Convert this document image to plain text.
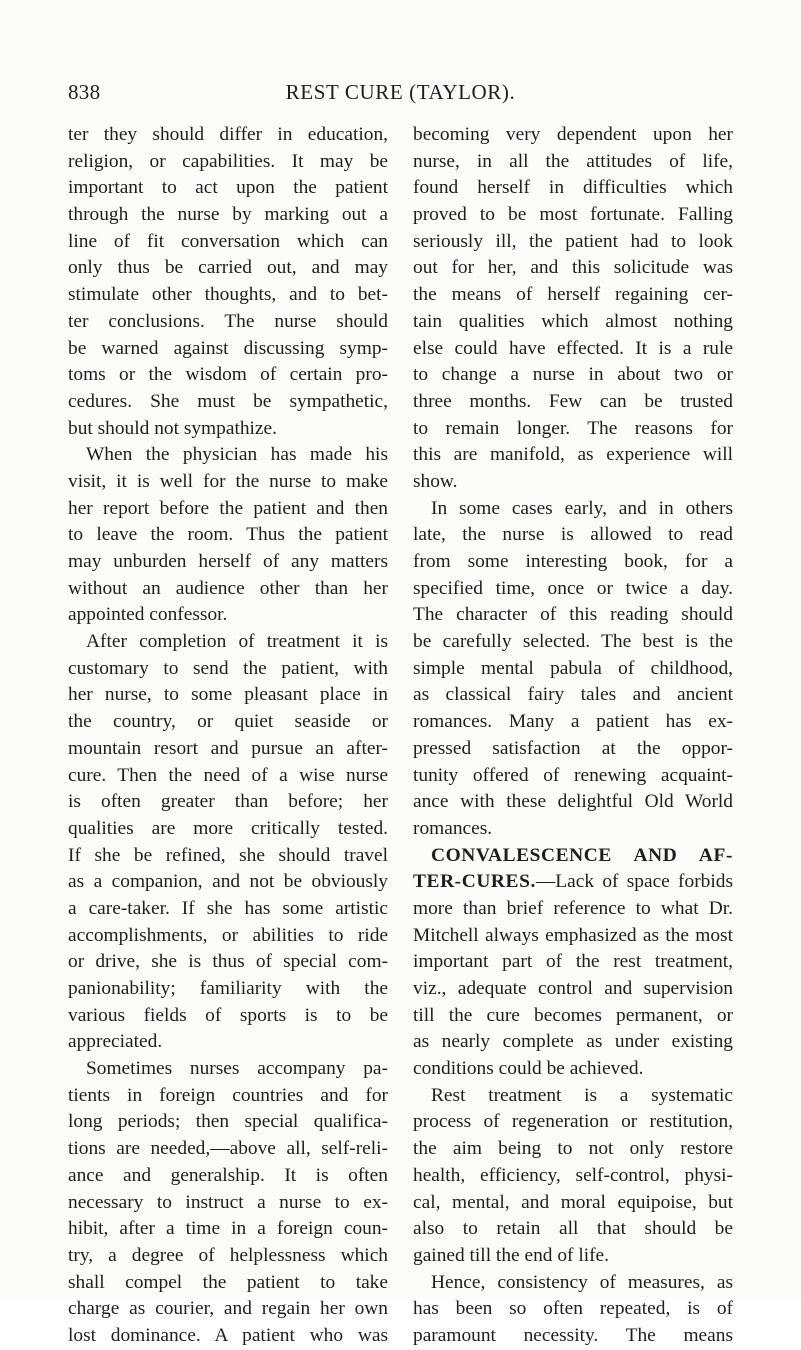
838	REST CURE (TAYLOR).
ter they should differ in education,
religion, or capabilities. It may be
important to act upon the patient
through the nurse by marking out a
line of fit conversation which can
only thus be carried out, and may
stimulate other thoughts, and to bet-
ter conclusions. The nurse should
be warned against discussing symp-
toms or the wisdom of certain pro-
cedures. She must be sympathetic,
but should not sympathize.
When the physician has made his
visit, it is well for the nurse to make
her report before the patient and then
to leave the room. Thus the patient
may unburden herself of any matters
without an audience other than her
appointed confessor.
After completion of treatment it is
customary to send the patient, with
her nurse, to some pleasant place in
the country, or quiet seaside or
mountain resort and pursue an after-
cure. Then the need of a wise nurse
is often greater than before; her
qualities are more critically tested.
If she be refined, she should travel
as a companion, and not be obviously
a care-taker. If she has some artistic
accomplishments, or abilities to ride
or drive, she is thus of special com-
panionability; familiarity with the
various fields of sports is to be
appreciated.
Sometimes nurses accompany pa-
tients in foreign countries and for
long periods; then special qualifica-
tions are needed,—above all, self-reli-
ance and generalship. It is often
necessary to instruct a nurse to ex-
hibit, after a time in a foreign coun-
try, a degree of helplessness which
shall compel the patient to take
charge as courier, and regain her own
lost dominance. A patient who was
becoming very dependent upon her
nurse, in all the attitudes of life,
found herself in difficulties which
proved to be most fortunate. Falling
seriously ill, the patient had to look
out for her, and this solicitude was
the means of herself regaining cer-
tain qualities which almost nothing
else could have effected. It is a rule
to change a nurse in about two or
three months. Few can be trusted
to remain longer. The reasons for
this are manifold, as experience will
show.
In some cases early, and in others
late, the nurse is allowed to read
from some interesting book, for a
specified time, once or twice a day.
The character of this reading should
be carefully selected. The best is the
simple mental pabula of childhood,
as classical fairy tales and ancient
romances. Many a patient has ex-
pressed satisfaction at the oppor-
tunity offered of renewing acquaint-
ance with these delightful Old World
romances.
CONVALESCENCE AND AF-
TER-CURES.—Lack of space forbids
more than brief reference to what Dr.
Mitchell always emphasized as the most
important part of the rest treatment,
viz., adequate control and supervision
till the cure becomes permanent, or
as nearly complete as under existing
conditions could be achieved.
Rest treatment is a systematic
process of regeneration or restitution,
the aim being to not only restore
health, efficiency, self-control, physi-
cal, mental, and moral equipoise, but
also to retain all that should be
gained till the end of life.
Hence, consistency of measures, as
has been so often repeated, is of
paramount necessity. The means
